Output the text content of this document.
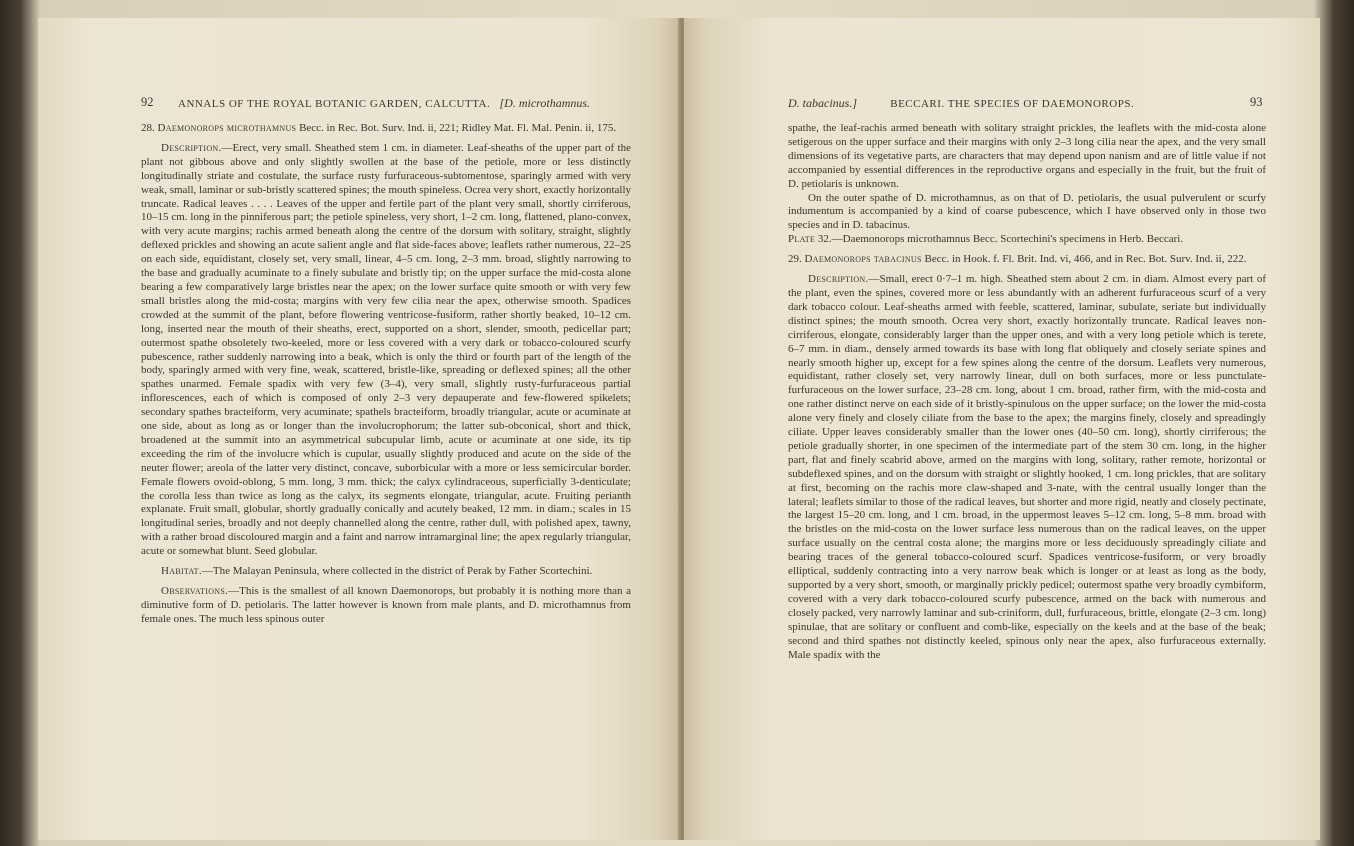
92 ANNALS OF THE ROYAL BOTANIC GARDEN, CALCUTTA. [D. microthamnus.

28. Daemonorops microthamnus Becc. in Rec. Bot. Surv. Ind. ii, 221; Ridley Mat. Fl. Mal. Penin. ii, 175.

Description.—Erect, very small. Sheathed stem 1 cm. in diameter. Leaf-sheaths of the upper part of the plant not gibbous above and only slightly swollen at the base of the petiole, more or less distinctly longitudinally striate and costulate, the surface rusty furfuraceous-subtomentose, sparingly armed with very weak, small, laminar or sub-bristly scattered spines; the mouth spineless. Ocrea very short, exactly horizontally truncate. Radical leaves . . . . Leaves of the upper and fertile part of the plant very small, shortly cirriferous, 10–15 cm. long in the pinniferous part; the petiole spineless, very short, 1–2 cm. long, flattened, plano-convex, with very acute margins; rachis armed beneath along the centre of the dorsum with solitary, straight, slightly deflexed prickles and showing an acute salient angle and flat side-faces above; leaflets rather numerous, 22–25 on each side, equidistant, closely set, very small, linear, 4–5 cm. long, 2–3 mm. broad, slightly narrowing to the base and gradually acuminate to a finely subulate and bristly tip; on the upper surface the mid-costa alone bearing a few comparatively large bristles near the apex; on the lower surface quite smooth or with very few small bristles along the mid-costa; margins with very few cilia near the apex, otherwise smooth. Spadices crowded at the summit of the plant, before flowering ventricose-fusiform, rather shortly beaked, 10–12 cm. long, inserted near the mouth of their sheaths, erect, supported on a short, slender, smooth, pedicellar part; outermost spathe obsoletely two-keeled, more or less covered with a very dark or tobacco-coloured scurfy pubescence, rather suddenly narrowing into a beak, which is only the third or fourth part of the length of the body, sparingly armed with very fine, weak, scattered, bristle-like, spreading or deflexed spines; all the other spathes unarmed. Female spadix with very few (3–4), very small, slightly rusty-furfuraceous partial inflorescences, each of which is composed of only 2–3 very depauperate and few-flowered spikelets; secondary spathes bracteiform, very acuminate; spathels bracteiform, broadly triangular, acute or acuminate at one side, about as long as or longer than the involucrophorum; the latter sub-obconical, short and thick, broadened at the summit into an asymmetrical subcupular limb, acute or acuminate at one side, its tip exceeding the rim of the involucre which is cupular, usually slightly produced and acute on the side of the neuter flower; areola of the latter very distinct, concave, suborbicular with a more or less semicircular border. Female flowers ovoid-oblong, 5 mm. long, 3 mm. thick; the calyx cylindraceous, superficially 3-denticulate; the corolla less than twice as long as the calyx, its segments elongate, triangular, acute. Fruiting perianth explanate. Fruit small, globular, shortly gradually conically and acutely beaked, 12 mm. in diam.; scales in 15 longitudinal series, broadly and not deeply channelled along the centre, rather dull, with polished apex, tawny, with a rather broad discoloured margin and a faint and narrow intramarginal line; the apex regularly triangular, acute or somewhat blunt. Seed globular.

Habitat.—The Malayan Peninsula, where collected in the district of Perak by Father Scortechini.

Observations.—This is the smallest of all known Daemonorops, but probably it is nothing more than a diminutive form of D. petiolaris. The latter however is known from male plants, and D. microthamnus from female ones. The much less spinous outer

D. tabacinus.]	BECCARI. THE SPECIES OF DAEMONOROPS.	93

spathe, the leaf-rachis armed beneath with solitary straight prickles, the leaflets with the mid-costa alone setigerous on the upper surface and their margins with only 2–3 long cilia near the apex, and the very small dimensions of its vegetative parts, are characters that may depend upon nanism and are of little value if not accompanied by essential differences in the reproductive organs and especially in the fruit, but the fruit of D. petiolaris is unknown.

On the outer spathe of D. microthamnus, as on that of D. petiolaris, the usual pulverulent or scurfy indumentum is accompanied by a kind of coarse pubescence, which I have observed only in those two species and in D. tabacinus.

Plate 32.—Daemonorops microthamnus Becc. Scortechini's specimens in Herb. Beccari.

29. Daemonorops tabacinus Becc. in Hook. f. Fl. Brit. Ind. vi, 466, and in Rec. Bot. Surv. Ind. ii, 222.

Description.—Small, erect 0·7–1 m. high. Sheathed stem about 2 cm. in diam. Almost every part of the plant, even the spines, covered more or less abundantly with an adherent furfuraceous scurf of a very dark tobacco colour. Leaf-sheaths armed with feeble, scattered, laminar, subulate, seriate but individually distinct spines; the mouth smooth. Ocrea very short, exactly horizontally truncate. Radical leaves non-cirriferous, elongate, considerably larger than the upper ones, and with a very long petiole which is terete, 6–7 mm. in diam., densely armed towards its base with long flat obliquely and closely seriate spines and nearly smooth higher up, except for a few spines along the centre of the dorsum. Leaflets very numerous, equidistant, rather closely set, very narrowly linear, dull on both surfaces, more or less punctulate-furfuraceous on the lower surface, 23–28 cm. long, about 1 cm. broad, rather firm, with the mid-costa and one rather distinct nerve on each side of it bristly-spinulous on the upper surface; on the lower the mid-costa alone very finely and closely ciliate from the base to the apex; the margins finely, closely and spreadingly ciliate. Upper leaves considerably smaller than the lower ones (40–50 cm. long), shortly cirriferous; the petiole gradually shorter, in one specimen of the intermediate part of the stem 30 cm. long, in the higher part, flat and finely scabrid above, armed on the margins with long, solitary, rather remote, horizontal or subdeflexed spines, and on the dorsum with straight or slightly hooked, 1 cm. long prickles, that are solitary at first, becoming on the rachis more claw-shaped and 3-nate, with the central usually longer than the lateral; leaflets similar to those of the radical leaves, but shorter and more rigid, neatly and closely pectinate, the largest 15–20 cm. long, and 1 cm. broad, in the uppermost leaves 5–12 cm. long, 5–8 mm. broad with the bristles on the mid-costa on the lower surface less numerous than on the radical leaves, on the upper surface usually on the central costa alone; the margins more or less deciduously spreadingly ciliate and bearing traces of the general tobacco-coloured scurf. Spadices ventricose-fusiform, or very broadly elliptical, suddenly contracting into a very narrow beak which is longer or at least as long as the body, supported by a very short, smooth, or marginally prickly pedicel; outermost spathe very broadly cymbiform, covered with a very dark tobacco-coloured scurfy pubescence, armed on the back with numerous and closely packed, very narrowly laminar and sub-criniform, dull, furfuraceous, brittle, elongate (2–3 cm. long) spinulae, that are solitary or confluent and comb-like, especially on the keels and at the base of the beak; second and third spathes not distinctly keeled, spinous only near the apex, also furfuraceous externally. Male spadix with the
